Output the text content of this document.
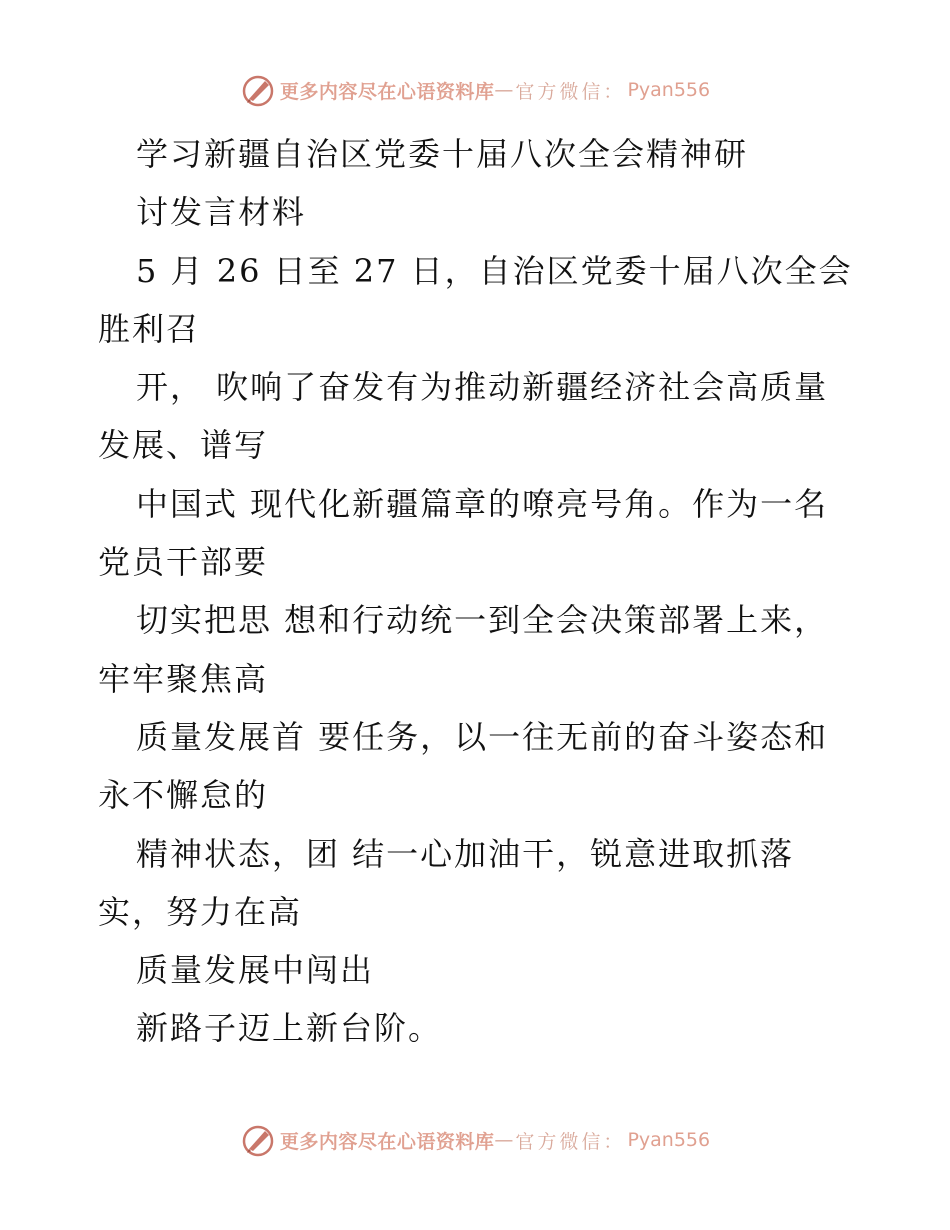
更多内容尽在心语资料库 — 官方微信： Pyan556
学习新疆自治区党委十届八次全会精神研
讨发言材料
5 月 26 日至 27 日，自治区党委十届八次全会
胜利召
开， 吹响了奋发有为推动新疆经济社会高质量
发展、谱写
中国式 现代化新疆篇章的嘹亮号角。作为一名
党员干部要
切实把思 想和行动统一到全会决策部署上来，
牢牢聚焦高
质量发展首 要任务，以一往无前的奋斗姿态和
永不懈怠的
精神状态，团 结一心加油干，锐意进取抓落
实，努力在高
质量发展中闯出
新路子迈上新台阶。
更多内容尽在心语资料库 — 官方微信： Pyan556
